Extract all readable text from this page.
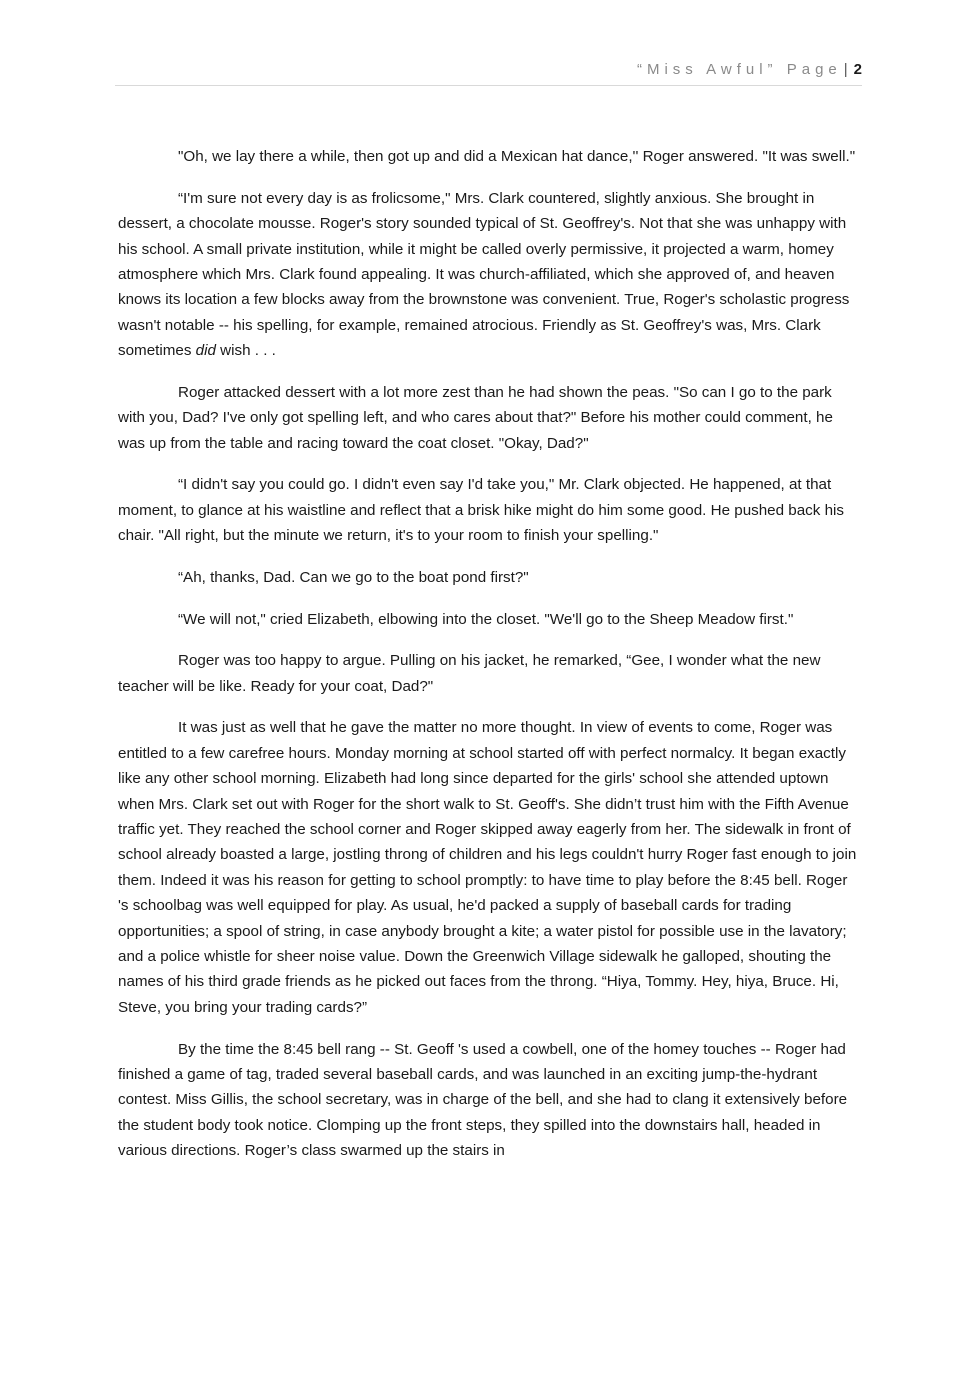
“Miss Awful” Page | 2

"Oh, we lay there a while, then got up and did a Mexican hat dance,'' Roger answered. "It was swell."

“I'm sure not every day is as frolicsome," Mrs. Clark countered, slightly anxious. She brought in dessert, a chocolate mousse. Roger's story sounded typical of St. Geoffrey's. Not that she was unhappy with his school. A small private institution, while it might be called overly permissive, it projected a warm, homey atmosphere which Mrs. Clark found appealing. It was church-affiliated, which she approved of, and heaven knows its location a few blocks away from the brownstone was convenient. True, Roger's scholastic progress wasn't notable -- his spelling, for example, remained atrocious. Friendly as St. Geoffrey's was, Mrs. Clark sometimes did wish . . .

Roger attacked dessert with a lot more zest than he had shown the peas. "So can I go to the park with you, Dad? I've only got spelling left, and who cares about that?" Before his mother could comment, he was up from the table and racing toward the coat closet. "Okay, Dad?"

“I didn't say you could go. I didn't even say I'd take you," Mr. Clark objected. He happened, at that moment, to glance at his waistline and reflect that a brisk hike might do him some good. He pushed back his chair. "All right, but the minute we return, it's to your room to finish your spelling."

“Ah, thanks, Dad. Can we go to the boat pond first?"

“We will not," cried Elizabeth, elbowing into the closet. "We'll go to the Sheep Meadow first."

Roger was too happy to argue. Pulling on his jacket, he remarked, “Gee, I wonder what the new teacher will be like. Ready for your coat, Dad?"

It was just as well that he gave the matter no more thought. In view of events to come, Roger was entitled to a few carefree hours. Monday morning at school started off with perfect normalcy. It began exactly like any other school morning. Elizabeth had long since departed for the girls' school she attended uptown when Mrs. Clark set out with Roger for the short walk to St. Geoff's. She didn’t trust him with the Fifth Avenue traffic yet. They reached the school corner and Roger skipped away eagerly from her. The sidewalk in front of school already boasted a large, jostling throng of children and his legs couldn't hurry Roger fast enough to join them. Indeed it was his reason for getting to school promptly: to have time to play before the 8:45 bell. Roger 's schoolbag was well equipped for play. As usual, he'd packed a supply of baseball cards for trading opportunities; a spool of string, in case anybody brought a kite; a water pistol for possible use in the lavatory; and a police whistle for sheer noise value. Down the Greenwich Village sidewalk he galloped, shouting the names of his third grade friends as he picked out faces from the throng. “Hiya, Tommy. Hey, hiya, Bruce. Hi, Steve, you bring your trading cards?”

By the time the 8:45 bell rang -- St. Geoff 's used a cowbell, one of the homey touches -- Roger had finished a game of tag, traded several baseball cards, and was launched in an exciting jump-the-hydrant contest. Miss Gillis, the school secretary, was in charge of the bell, and she had to clang it extensively before the student body took notice. Clomping up the front steps, they spilled into the downstairs hall, headed in various directions. Roger’s class swarmed up the stairs in
